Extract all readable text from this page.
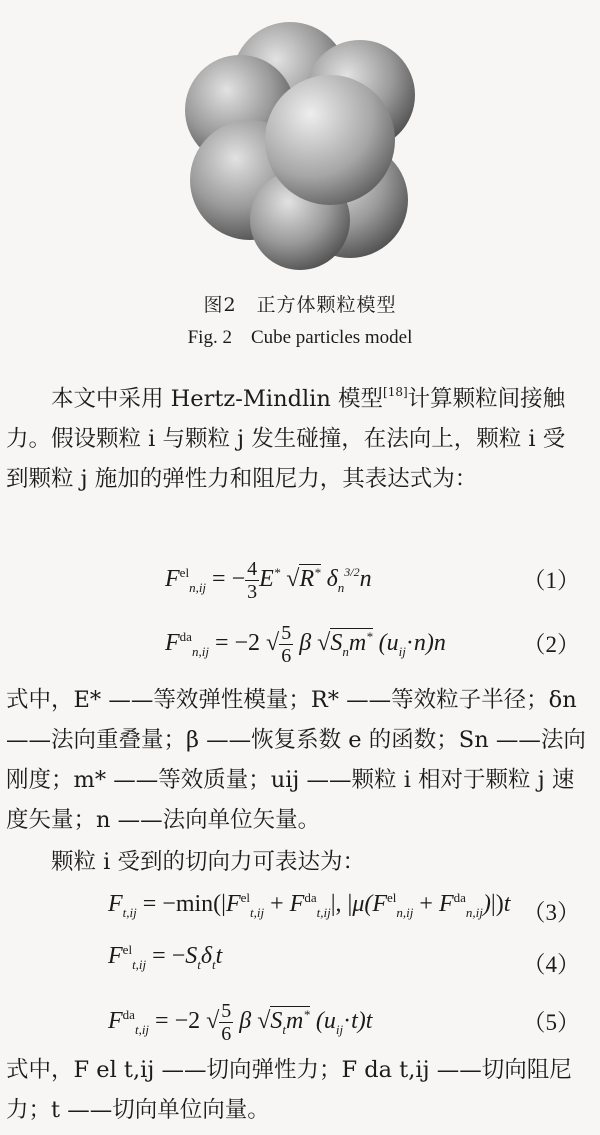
图2　正方体颗粒模型
Fig. 2　Cube particles model

本文中采用 Hertz-Mindlin 模型[18]计算颗粒间接触力。假设颗粒 i 与颗粒 j 发生碰撞，在法向上，颗粒 i 受到颗粒 j 施加的弹性力和阻尼力，其表达式为：

$F^{el}_{n,ij}$ = − $\frac{4}{3} E^*$ √R* $\delta_n^{3/2}n$	（1）
$F^{da}_{n,ij} = -2$ √ $\frac{5}{6}$ β $√S_nm^*$ $(u_{ij}\cdot n)n$	（2）

式中，E* ——等效弹性模量；R* ——等效粒子半径；δn ——法向重叠量；β ——恢复系数 e 的函数；Sn ——法向刚度；m* ——等效质量；uij ——颗粒 i 相对于颗粒 j 速度矢量；n ——法向单位矢量。

颗粒 i 受到的切向力可表达为：

$F_{t,ij} = -\min(|F^{el}_{t,ij} + F^{da}_{t,ij}|$, $|\mu(F^{el}_{n,ij} + F^{da}_{n,ij})|)t$ （3）
$F^{el}_{t,ij} = -S_t\delta_tt$	（4）
$F^{da}_{t,ij} = -2$ √ $\frac{5}{6}$ β $√S_tm^*$ $(u_{ij}\cdot t)t$	（5）

式中，F el t,ij ——切向弹性力；F da t,ij ——切向阻尼力；t ——切向单位向量。
